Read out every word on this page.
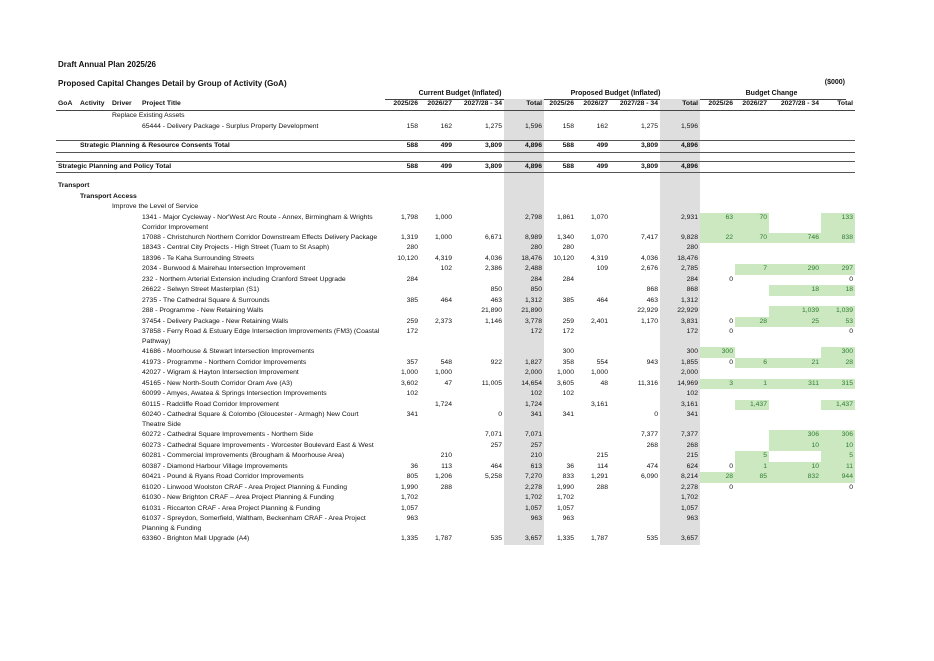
Draft Annual Plan 2025/26
Proposed Capital Changes Detail by Group of Activity (GoA)	($000)
Current Budget (Inflated)	Proposed Budget (Inflated)	Budget Change
GoA	Activity	Driver	Project Title	2025/26	2026/27	2027/28 - 34	Total	2025/26	2026/27	2027/28 - 34	Total	2025/26	2026/27	2027/28 - 34	Total
Replace Existing Assets															
65444 - Delivery Package - Surplus Property Development				158	162	1,275	1,596	158	162	1,275	1,596				

Strategic Planning & Resource Consents Total				588	499	3,809	4,896	588	499	3,809	4,896				

Strategic Planning and Policy Total				588	499	3,809	4,896	588	499	3,809	4,896				

Transport															
Transport Access															
Improve the Level of Service															
1341 - Major Cycleway - Nor'West Arc Route - Annex, Birmingham & Wrights Corridor Improvement				1,798	1,000		2,798	1,861	1,070		2,931	63	70		133
17088 - Christchurch Northern Corridor Downstream Effects Delivery Package				1,319	1,000	6,671	8,989	1,340	1,070	7,417	9,828	22	70	746	838
18343 - Central City Projects - High Street (Tuam to St Asaph)				280			280	280			280				
18396 - Te Kaha Surrounding Streets				10,120	4,319	4,036	18,476	10,120	4,319	4,036	18,476				
2034 - Burwood & Mairehau Intersection Improvement					102	2,386	2,488		109	2,676	2,785		7	290	297
232 - Northern Arterial Extension including Cranford Street Upgrade				284			284	284			284	0			0
26622 - Selwyn Street Masterplan (S1)						850	850			868	868			18	18
2735 - The Cathedral Square & Surrounds				385	464	463	1,312	385	464	463	1,312				
288 - Programme - New Retaining Walls						21,890	21,890			22,929	22,929			1,039	1,039
37454 - Delivery Package - New Retaining Walls				259	2,373	1,146	3,778	259	2,401	1,170	3,831	0	28	25	53
37858 - Ferry Road & Estuary Edge Intersection Improvements (FM3) (Coastal Pathway)				172			172	172			172	0			0
41686 - Moorhouse & Stewart Intersection Improvements								300			300	300			300
41973 - Programme - Northern Corridor Improvements				357	548	922	1,827	358	554	943	1,855	0	6	21	28
42027 - Wigram & Hayton Intersection Improvement				1,000	1,000		2,000	1,000	1,000		2,000				
45165 - New North-South Corridor Oram Ave (A3)				3,602	47	11,005	14,654	3,605	48	11,316	14,969	3	1	311	315
60099 - Amyes, Awatea & Springs Intersection Improvements				102			102	102			102				
60115 - Radcliffe Road Corridor Improvement					1,724		1,724		3,161		3,161		1,437		1,437
60240 - Cathedral Square & Colombo (Gloucester - Armagh) New Court Theatre Side				341		0	341	341		0	341				
60272 - Cathedral Square Improvements - Northern Side						7,071	7,071			7,377	7,377			306	306
60273 - Cathedral Square Improvements - Worcester Boulevard East & West						257	257			268	268			10	10
60281 - Commercial Improvements (Brougham & Moorhouse Area)					210		210		215		215		5		5
60387 - Diamond Harbour Village Improvements				36	113	464	613	36	114	474	624	0	1	10	11
60421 - Pound & Ryans Road Corridor Improvements				805	1,206	5,258	7,270	833	1,291	6,090	8,214	28	85	832	944
61020 - Linwood Woolston CRAF - Area Project Planning & Funding				1,990	288		2,278	1,990	288		2,278	0			0
61030 - New Brighton CRAF – Area Project Planning & Funding				1,702			1,702	1,702			1,702				
61031 - Riccarton CRAF - Area Project Planning & Funding				1,057			1,057	1,057			1,057				
61037 - Spreydon, Somerfield, Waltham, Beckenham CRAF - Area Project Planning & Funding				963			963	963			963				
63360 - Brighton Mall Upgrade (A4)				1,335	1,787	535	3,657	1,335	1,787	535	3,657				
